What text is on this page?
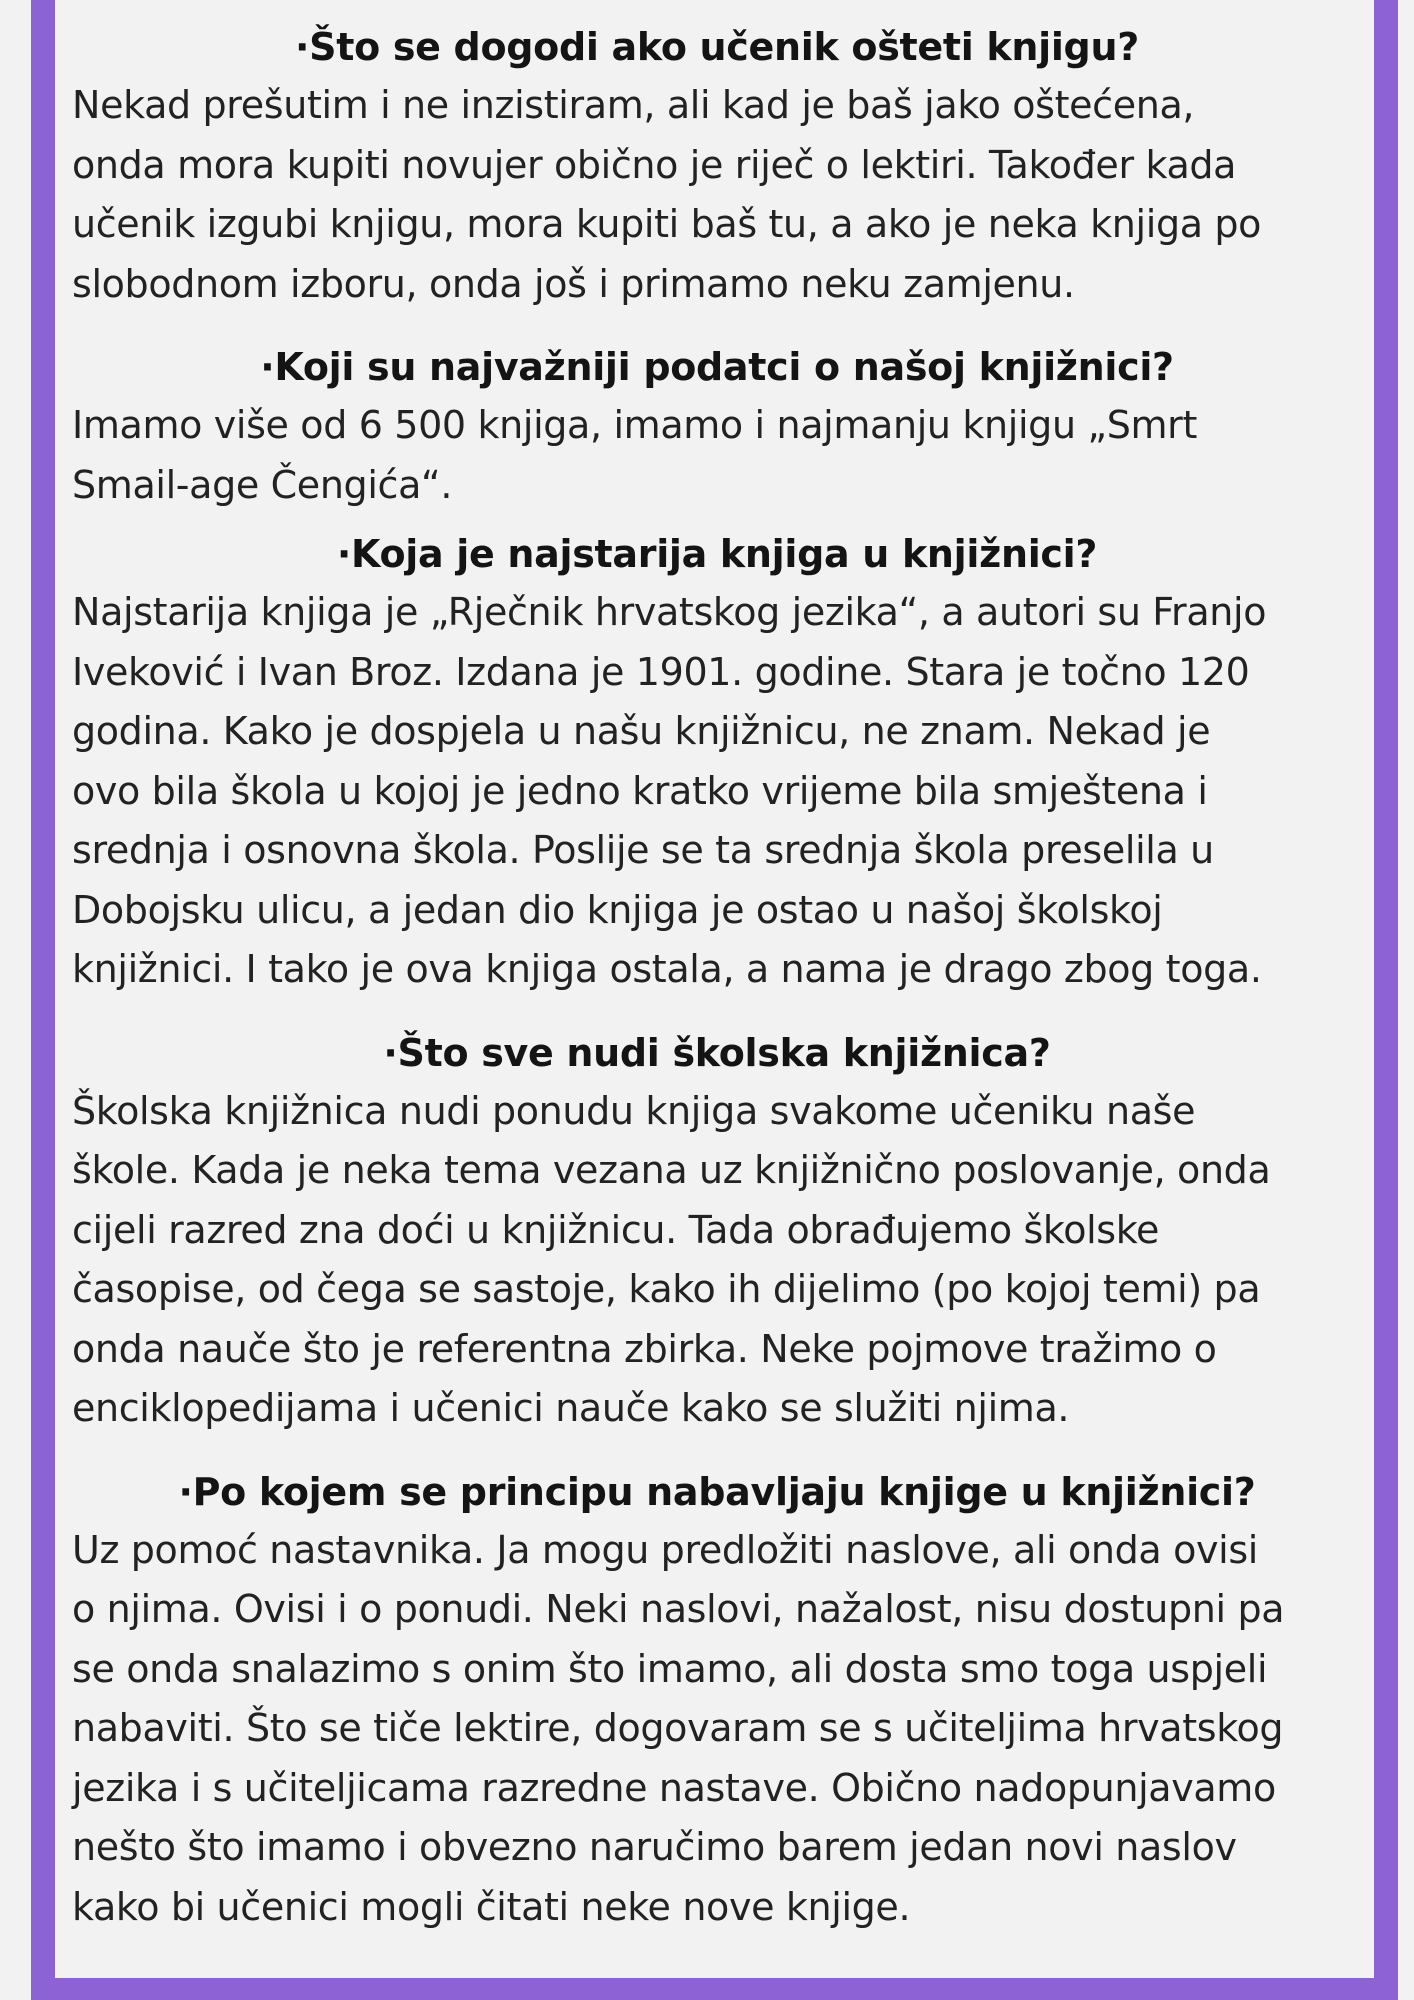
·Što se dogodi ako učenik ošteti knjigu?

Nekad prešutim i ne inzistiram, ali kad je baš jako oštećena,

onda mora kupiti novujer obično je riječ o lektiri. Također kada

učenik izgubi knjigu, mora kupiti baš tu, a ako je neka knjiga po

slobodnom izboru, onda još i primamo neku zamjenu.

·Koji su najvažniji podatci o našoj knjižnici?

Imamo više od 6 500 knjiga, imamo i najmanju knjigu „Smrt

Smail-age Čengića“.

·Koja je najstarija knjiga u knjižnici?

Najstarija knjiga je „Rječnik hrvatskog jezika“, a autori su Franjo

Iveković i Ivan Broz. Izdana je 1901. godine. Stara je točno 120

godina. Kako je dospjela u našu knjižnicu, ne znam. Nekad je

ovo bila škola u kojoj je jedno kratko vrijeme bila smještena i

srednja i osnovna škola. Poslije se ta srednja škola preselila u

Dobojsku ulicu, a jedan dio knjiga je ostao u našoj školskoj

knjižnici. I tako je ova knjiga ostala, a nama je drago zbog toga.

·Što sve nudi školska knjižnica?

Školska knjižnica nudi ponudu knjiga svakome učeniku naše

škole. Kada je neka tema vezana uz knjižnično poslovanje, onda

cijeli razred zna doći u knjižnicu. Tada obrađujemo školske

časopise, od čega se sastoje, kako ih dijelimo (po kojoj temi) pa

onda nauče što je referentna zbirka. Neke pojmove tražimo o

enciklopedijama i učenici nauče kako se služiti njima.

·Po kojem se principu nabavljaju knjige u knjižnici?

Uz pomoć nastavnika. Ja mogu predložiti naslove, ali onda ovisi

o njima. Ovisi i o ponudi. Neki naslovi, nažalost, nisu dostupni pa

se onda snalazimo s onim što imamo, ali dosta smo toga uspjeli

nabaviti. Što se tiče lektire, dogovaram se s učiteljima hrvatskog

jezika i s učiteljicama razredne nastave. Obično nadopunjavamo

nešto što imamo i obvezno naručimo barem jedan novi naslov

kako bi učenici mogli čitati neke nove knjige.
